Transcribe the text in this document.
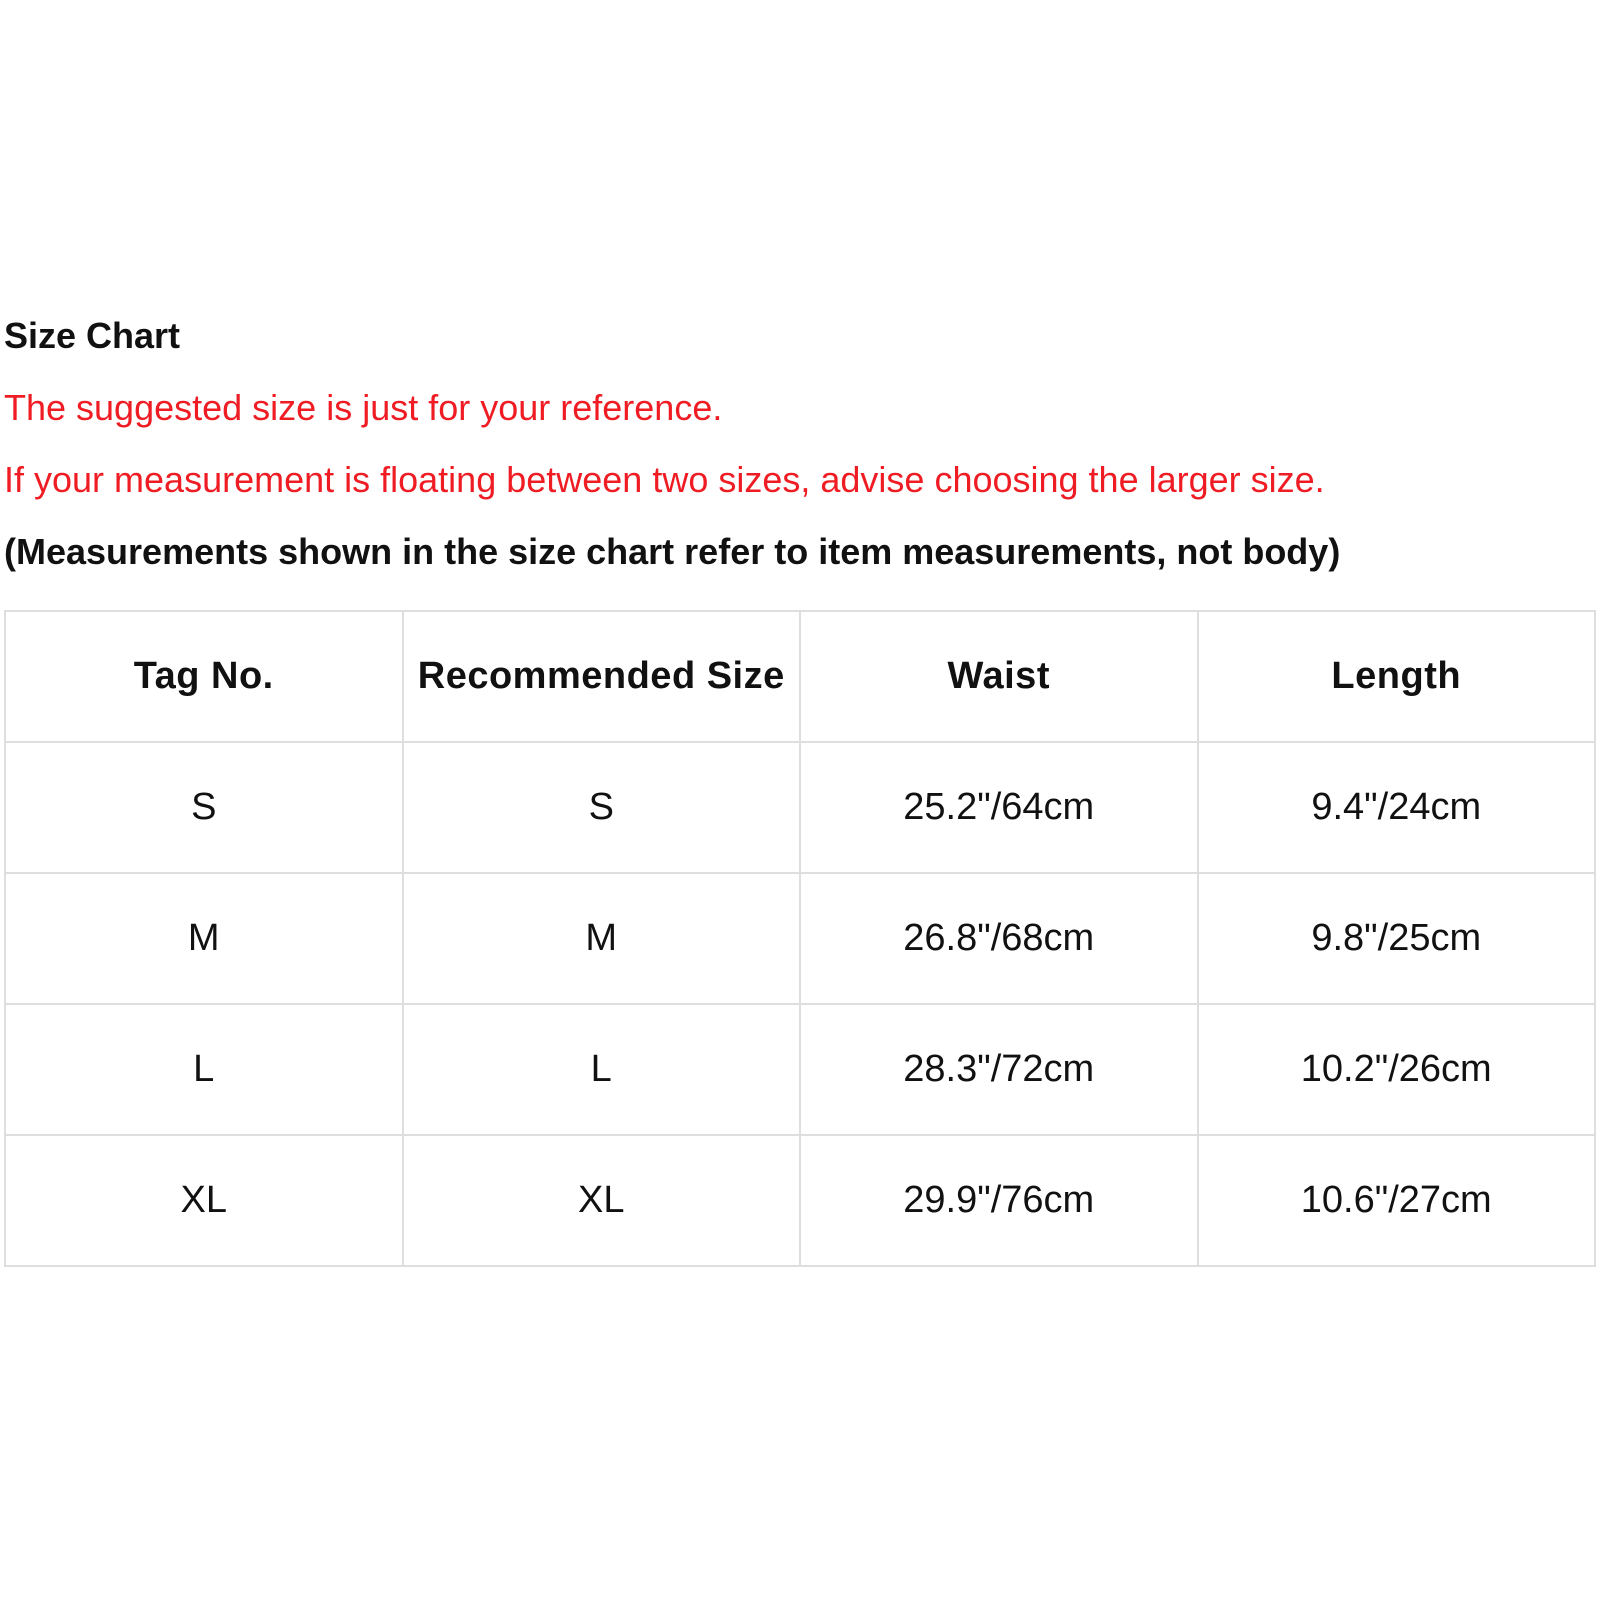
Size Chart
The suggested size is just for your reference.
If your measurement is floating between two sizes, advise choosing the larger size.
(Measurements shown in the size chart refer to item measurements, not body)
Tag No.	Recommended Size	Waist	Length
S	S	25.2"/64cm	9.4"/24cm
M	M	26.8"/68cm	9.8"/25cm
L	L	28.3"/72cm	10.2"/26cm
XL	XL	29.9"/76cm	10.6"/27cm
